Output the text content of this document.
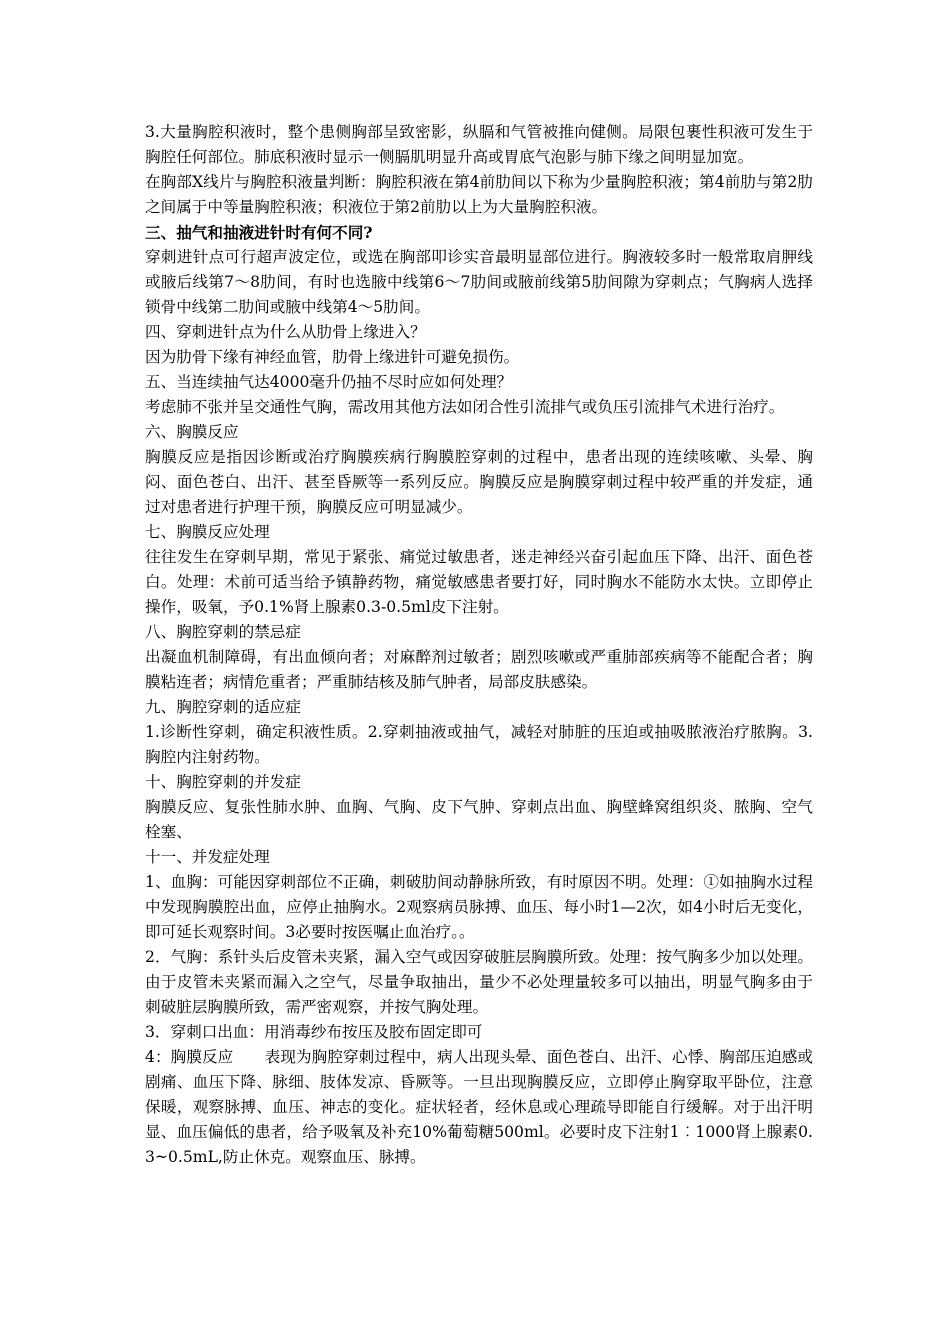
3.大量胸腔积液时，整个患侧胸部呈致密影，纵膈和气管被推向健侧。局限包裹性积液可发生于胸腔任何部位。肺底积液时显示一侧膈肌明显升高或胃底气泡影与肺下缘之间明显加宽。

在胸部X线片与胸腔积液量判断：胸腔积液在第4前肋间以下称为少量胸腔积液；第4前肋与第2肋之间属于中等量胸腔积液；积液位于第2前肋以上为大量胸腔积液。

三、抽气和抽液进针时有何不同?

穿刺进针点可行超声波定位，或选在胸部叩诊实音最明显部位进行。胸液较多时一般常取肩胛线或腋后线第7～8肋间，有时也选腋中线第6～7肋间或腋前线第5肋间隙为穿刺点；气胸病人选择锁骨中线第二肋间或腋中线第4～5肋间。

四、穿刺进针点为什么从肋骨上缘进入？

因为肋骨下缘有神经血管，肋骨上缘进针可避免损伤。

五、当连续抽气达4000毫升仍抽不尽时应如何处理？

考虑肺不张并呈交通性气胸，需改用其他方法如闭合性引流排气或负压引流排气术进行治疗。

六、胸膜反应

胸膜反应是指因诊断或治疗胸膜疾病行胸膜腔穿刺的过程中，患者出现的连续咳嗽、头晕、胸闷、面色苍白、出汗、甚至昏厥等一系列反应。胸膜反应是胸膜穿刺过程中较严重的并发症，通过对患者进行护理干预，胸膜反应可明显减少。

七、胸膜反应处理

往往发生在穿刺早期，常见于紧张、痛觉过敏患者，迷走神经兴奋引起血压下降、出汗、面色苍白。处理：术前可适当给予镇静药物，痛觉敏感患者要打好，同时胸水不能防水太快。立即停止操作，吸氧，予0.1%肾上腺素0.3-0.5ml皮下注射。

八、胸腔穿刺的禁忌症

出凝血机制障碍，有出血倾向者；对麻醉剂过敏者；剧烈咳嗽或严重肺部疾病等不能配合者；胸膜粘连者；病情危重者；严重肺结核及肺气肿者，局部皮肤感染。

九、胸腔穿刺的适应症

1.诊断性穿刺，确定积液性质。2.穿刺抽液或抽气，减轻对肺脏的压迫或抽吸脓液治疗脓胸。3.胸腔内注射药物。

十、胸腔穿刺的并发症

胸膜反应、复张性肺水肿、血胸、气胸、皮下气肿、穿刺点出血、胸壁蜂窝组织炎、脓胸、空气栓塞、

十一、并发症处理

1、血胸：可能因穿刺部位不正确，刺破肋间动静脉所致，有时原因不明。处理：①如抽胸水过程中发现胸膜腔出血，应停止抽胸水。2观察病员脉搏、血压、每小时1—2次，如4小时后无变化，即可延长观察时间。3必要时按医嘱止血治疗。。

2．气胸：系针头后皮管未夹紧，漏入空气或因穿破脏层胸膜所致。处理：按气胸多少加以处理。由于皮管未夹紧而漏入之空气，尽量争取抽出，量少不必处理量较多可以抽出，明显气胸多由于刺破脏层胸膜所致，需严密观察，并按气胸处理。

3．穿刺口出血：用消毒纱布按压及胶布固定即可

4：胸膜反应　　表现为胸腔穿刺过程中，病人出现头晕、面色苍白、出汗、心悸、胸部压迫感或剧痛、血压下降、脉细、肢体发凉、昏厥等。一旦出现胸膜反应，立即停止胸穿取平卧位，注意保暖，观察脉搏、血压、神志的变化。症状轻者，经休息或心理疏导即能自行缓解。对于出汗明显、血压偏低的患者，给予吸氧及补充10%葡萄糖500ml。必要时皮下注射1︰1000肾上腺素0.3~0.5mL,防止休克。观察血压、脉搏。
